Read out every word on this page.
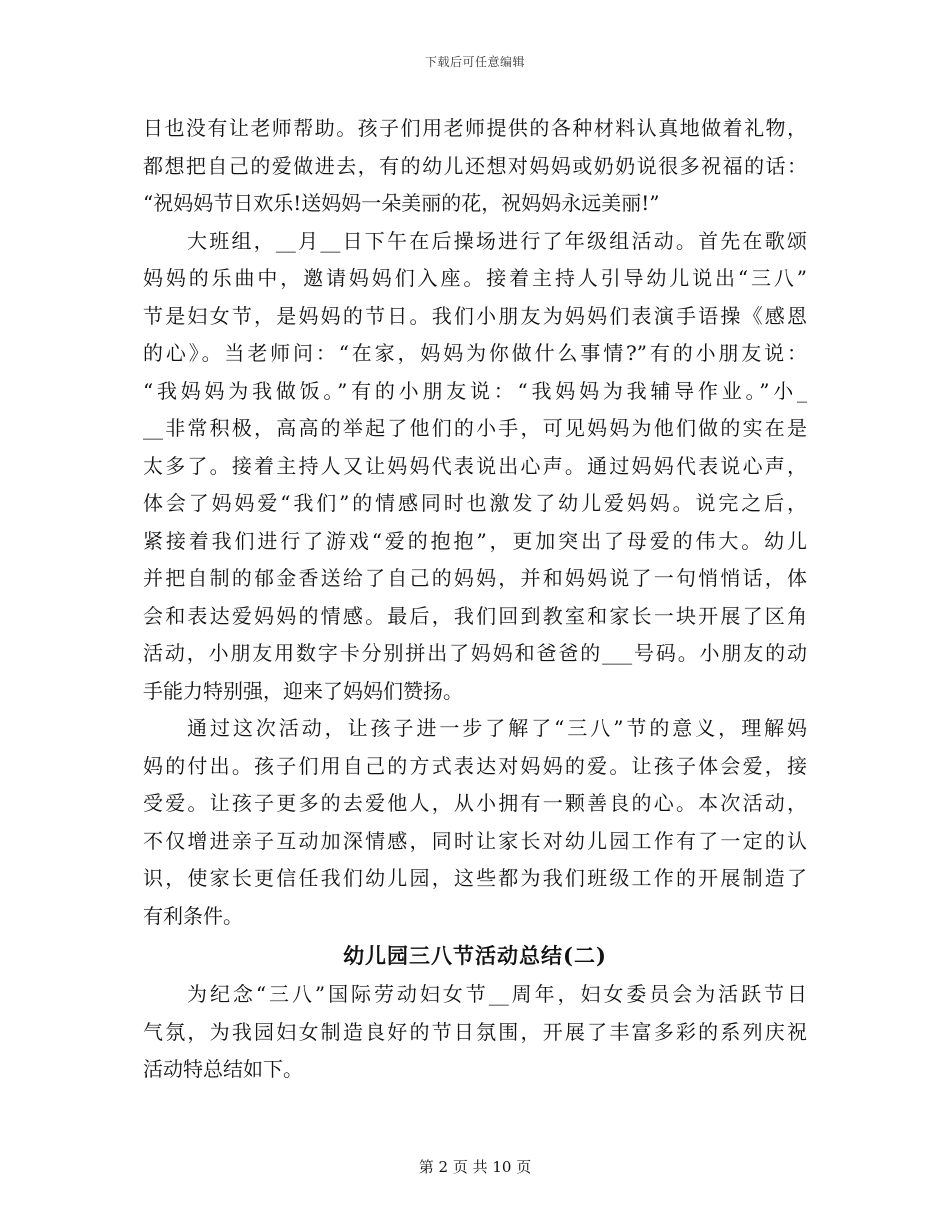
下载后可任意编辑
日也没有让老师帮助。孩子们用老师提供的各种材料认真地做着礼物，
都想把自己的爱做进去，有的幼儿还想对妈妈或奶奶说很多祝福的话：
“祝妈妈节日欢乐!送妈妈一朵美丽的花，祝妈妈永远美丽!”
大班组，__月__日下午在后操场进行了年级组活动。首先在歌颂
妈妈的乐曲中，邀请妈妈们入座。接着主持人引导幼儿说出“三八”
节是妇女节，是妈妈的节日。我们小朋友为妈妈们表演手语操《感恩
的心》。当老师问：“在家，妈妈为你做什么事情?”有的小朋友说：
“我妈妈为我做饭。”有的小朋友说：“我妈妈为我辅导作业。”小_
__非常积极，高高的举起了他们的小手，可见妈妈为他们做的实在是
太多了。接着主持人又让妈妈代表说出心声。通过妈妈代表说心声，
体会了妈妈爱“我们”的情感同时也激发了幼儿爱妈妈。说完之后，
紧接着我们进行了游戏“爱的抱抱”，更加突出了母爱的伟大。幼儿
并把自制的郁金香送给了自己的妈妈，并和妈妈说了一句悄悄话，体
会和表达爱妈妈的情感。最后，我们回到教室和家长一块开展了区角
活动，小朋友用数字卡分别拼出了妈妈和爸爸的___号码。小朋友的动
手能力特别强，迎来了妈妈们赞扬。
通过这次活动，让孩子进一步了解了“三八”节的意义，理解妈
妈的付出。孩子们用自己的方式表达对妈妈的爱。让孩子体会爱，接
受爱。让孩子更多的去爱他人，从小拥有一颗善良的心。本次活动，
不仅增进亲子互动加深情感，同时让家长对幼儿园工作有了一定的认
识，使家长更信任我们幼儿园，这些都为我们班级工作的开展制造了
有利条件。
幼儿园三八节活动总结(二)
为纪念“三八”国际劳动妇女节__周年，妇女委员会为活跃节日
气氛，为我园妇女制造良好的节日氛围，开展了丰富多彩的系列庆祝
活动特总结如下。
第 2 页 共 10 页
